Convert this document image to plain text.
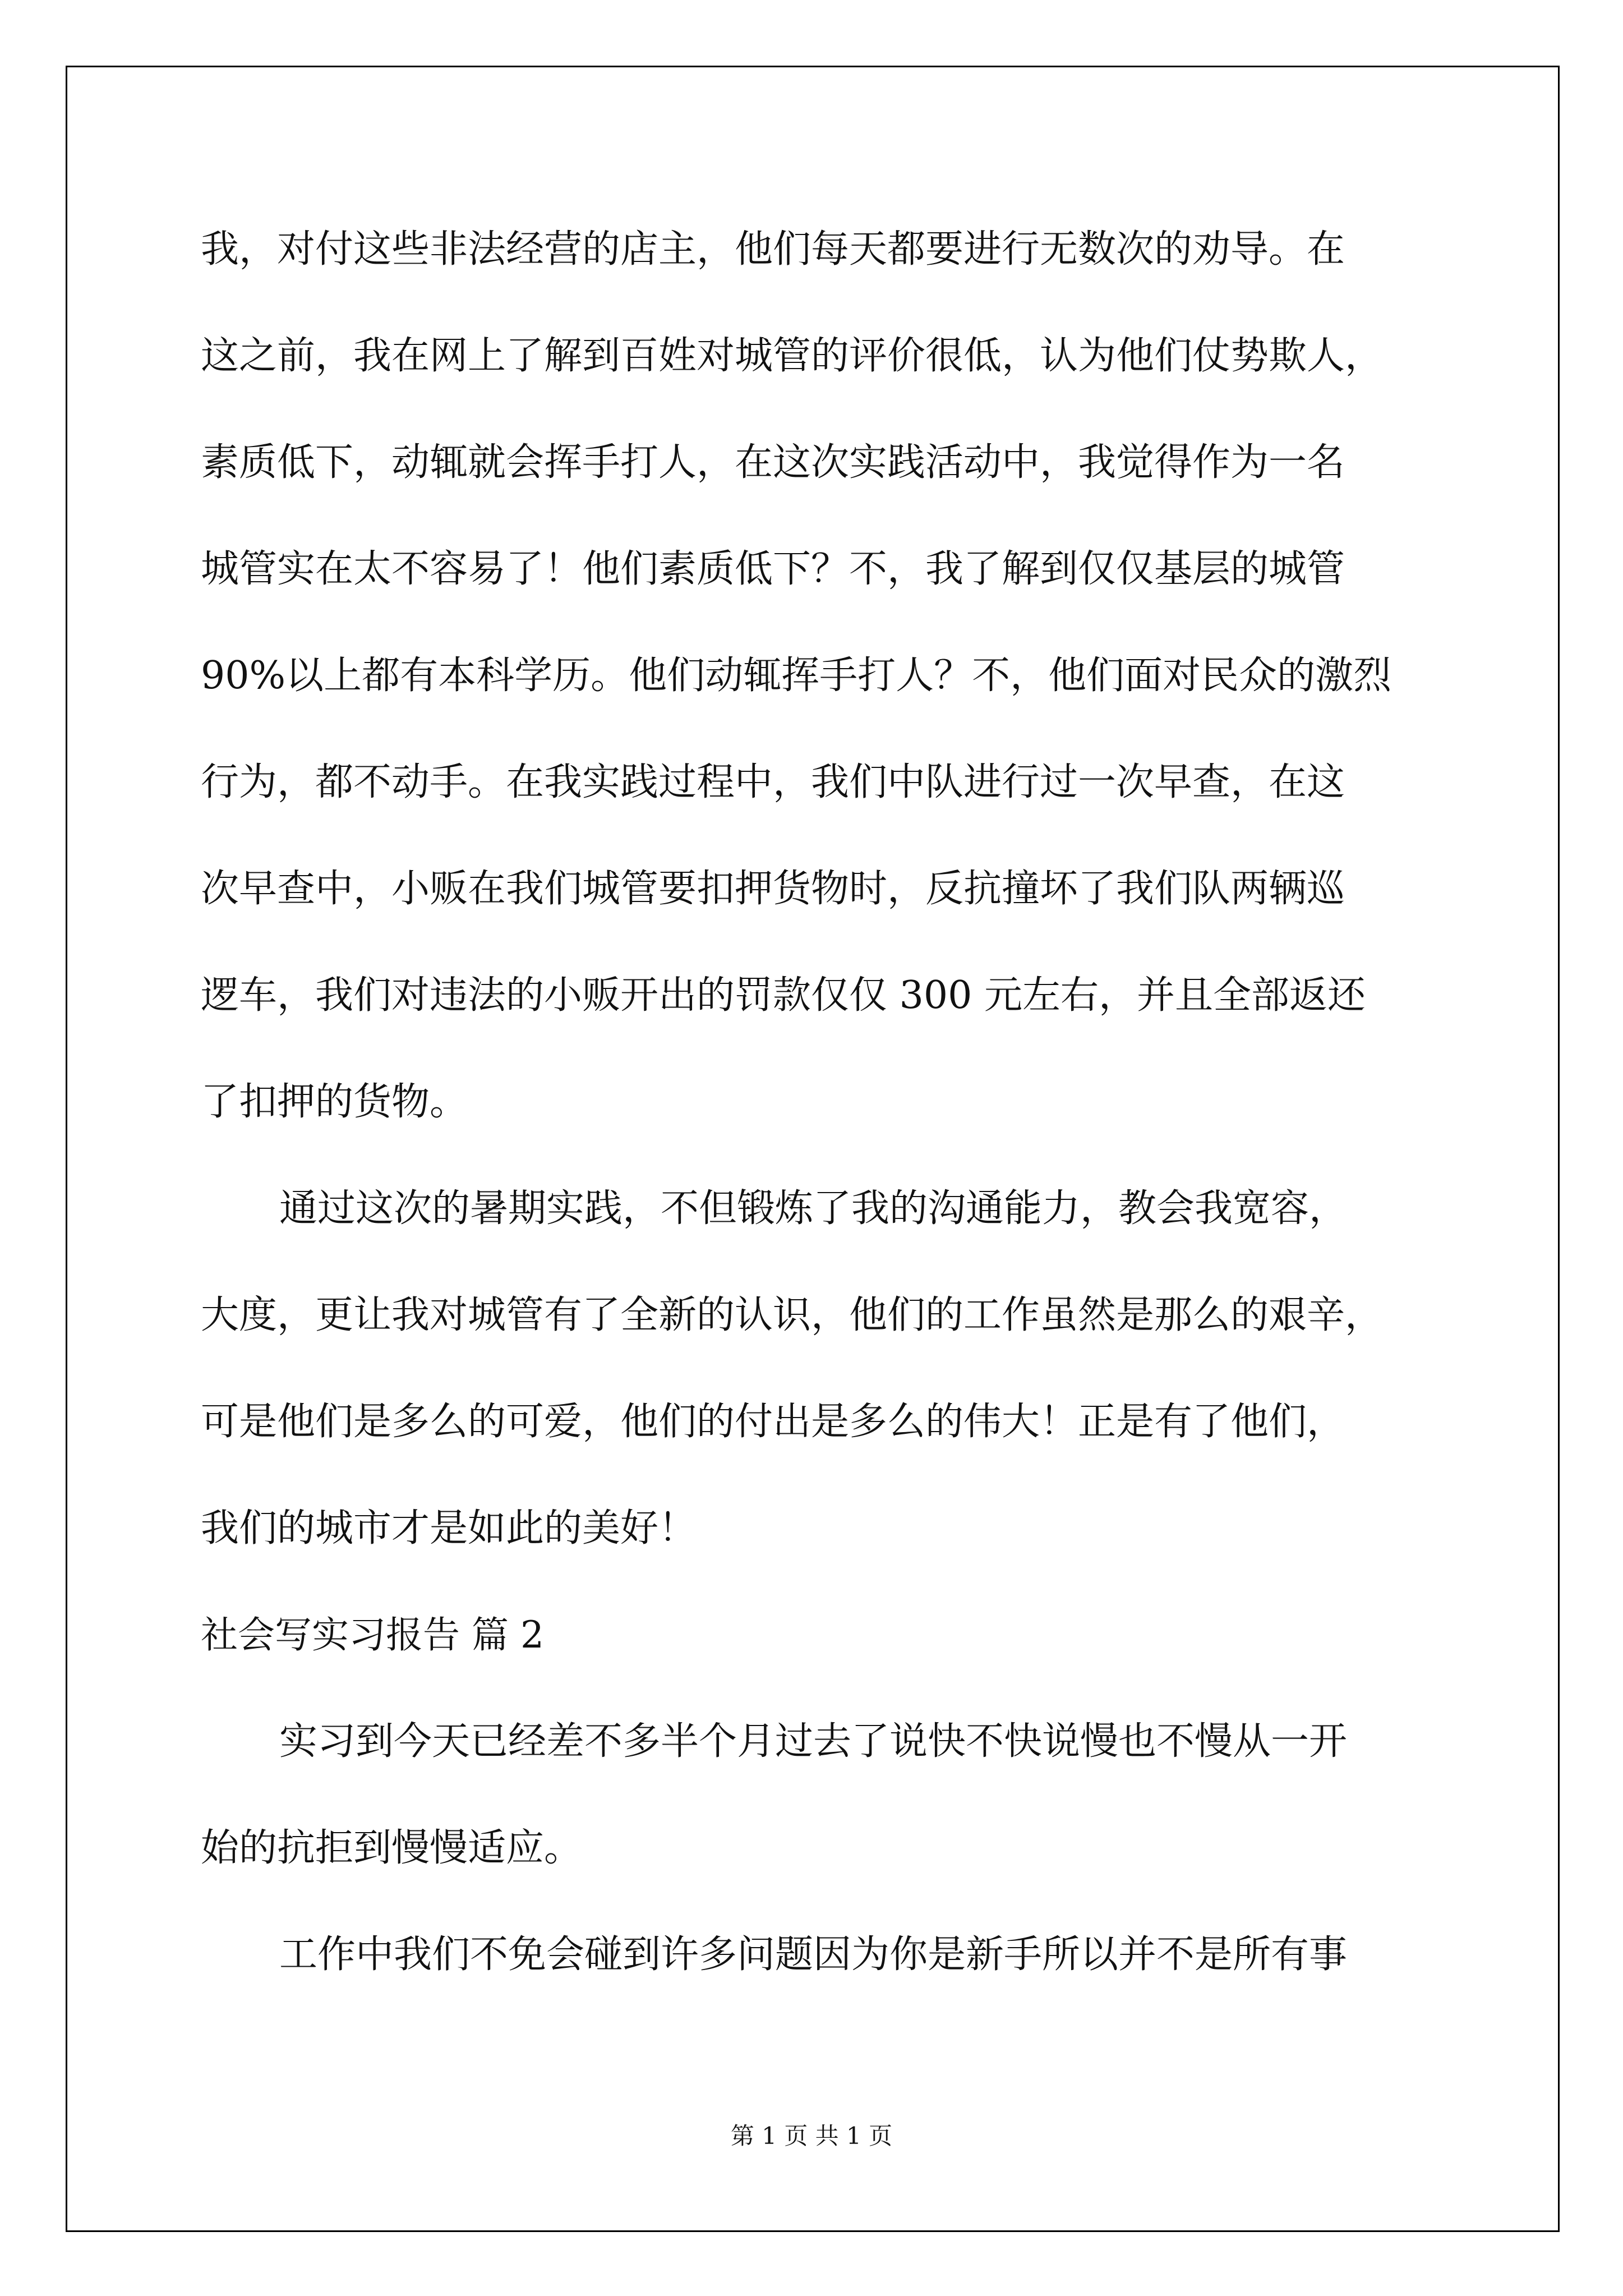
我，对付这些非法经营的店主，他们每天都要进行无数次的劝导。在
这之前，我在网上了解到百姓对城管的评价很低，认为他们仗势欺人，
素质低下，动辄就会挥手打人，在这次实践活动中，我觉得作为一名
城管实在太不容易了！他们素质低下？不，我了解到仅仅基层的城管
90%以上都有本科学历。他们动辄挥手打人？不，他们面对民众的激烈
行为，都不动手。在我实践过程中，我们中队进行过一次早查，在这
次早查中，小贩在我们城管要扣押货物时，反抗撞坏了我们队两辆巡
逻车，我们对违法的小贩开出的罚款仅仅 300 元左右，并且全部返还
了扣押的货物。
通过这次的暑期实践，不但锻炼了我的沟通能力，教会我宽容，
大度，更让我对城管有了全新的认识，他们的工作虽然是那么的艰辛，
可是他们是多么的可爱，他们的付出是多么的伟大！正是有了他们，
我们的城市才是如此的美好！
社会写实习报告 篇 2
实习到今天已经差不多半个月过去了说快不快说慢也不慢从一开
始的抗拒到慢慢适应。
工作中我们不免会碰到许多问题因为你是新手所以并不是所有事
第 1 页 共 1 页
